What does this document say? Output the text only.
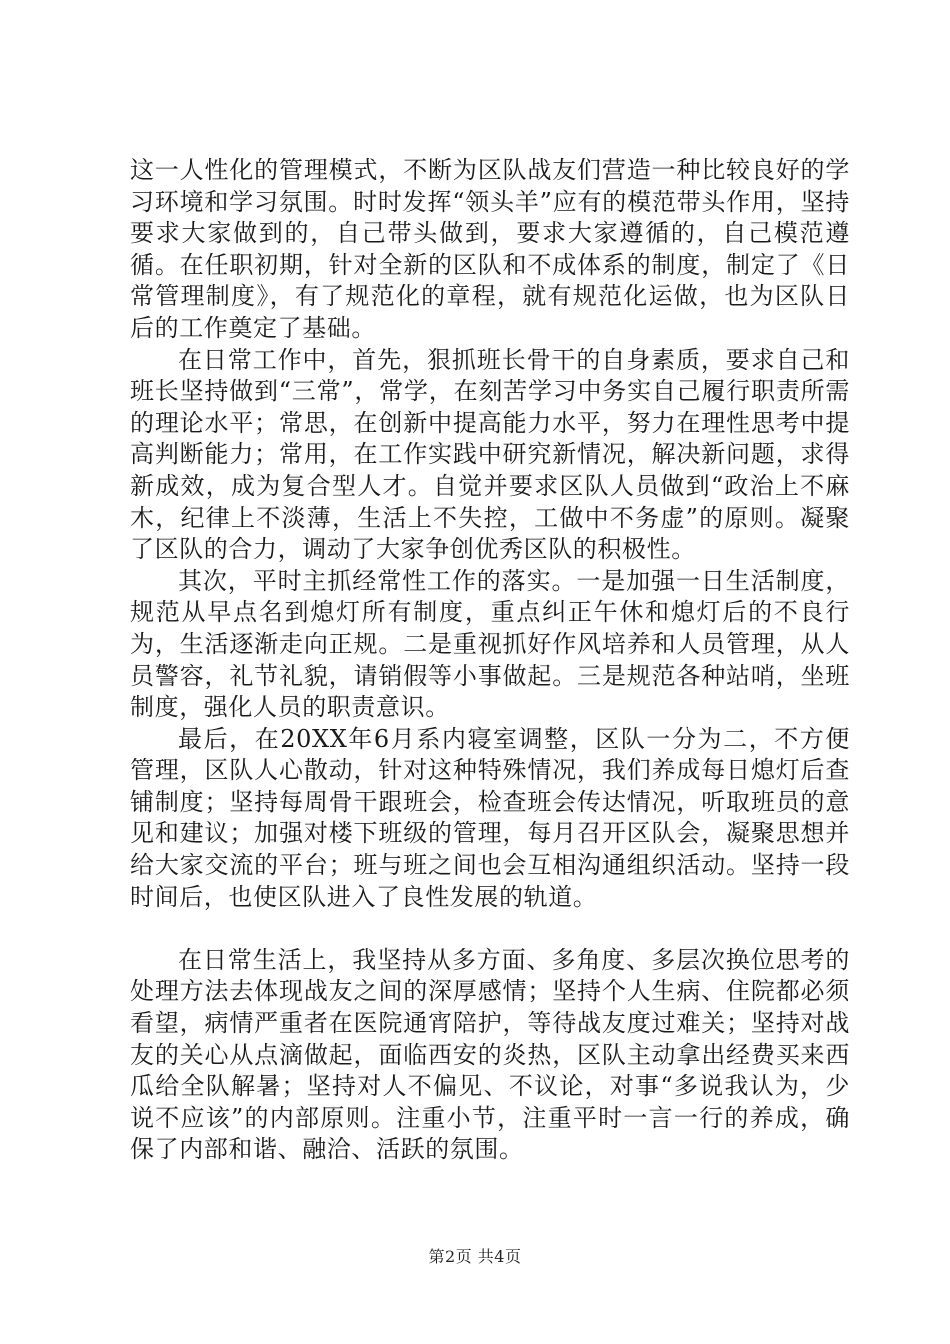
这一人性化的管理模式，不断为区队战友们营造一种比较良好的学习环境和学习氛围。时时发挥“领头羊”应有的模范带头作用，坚持要求大家做到的，自己带头做到，要求大家遵循的，自己模范遵循。在任职初期，针对全新的区队和不成体系的制度，制定了《日常管理制度》，有了规范化的章程，就有规范化运做，也为区队日后的工作奠定了基础。

在日常工作中，首先，狠抓班长骨干的自身素质，要求自己和班长坚持做到“三常”，常学，在刻苦学习中务实自己履行职责所需的理论水平；常思，在创新中提高能力水平，努力在理性思考中提高判断能力；常用，在工作实践中研究新情况，解决新问题，求得新成效，成为复合型人才。自觉并要求区队人员做到“政治上不麻木，纪律上不淡薄，生活上不失控，工做中不务虚”的原则。凝聚了区队的合力，调动了大家争创优秀区队的积极性。

其次，平时主抓经常性工作的落实。一是加强一日生活制度，规范从早点名到熄灯所有制度，重点纠正午休和熄灯后的不良行为，生活逐渐走向正规。二是重视抓好作风培养和人员管理，从人员警容，礼节礼貌，请销假等小事做起。三是规范各种站哨，坐班制度，强化人员的职责意识。

最后，在20XX年6月系内寝室调整，区队一分为二，不方便管理，区队人心散动，针对这种特殊情况，我们养成每日熄灯后查铺制度；坚持每周骨干跟班会，检查班会传达情况，听取班员的意见和建议；加强对楼下班级的管理，每月召开区队会，凝聚思想并给大家交流的平台；班与班之间也会互相沟通组织活动。坚持一段时间后，也使区队进入了良性发展的轨道。

在日常生活上，我坚持从多方面、多角度、多层次换位思考的处理方法去体现战友之间的深厚感情；坚持个人生病、住院都必须看望，病情严重者在医院通宵陪护，等待战友度过难关；坚持对战友的关心从点滴做起，面临西安的炎热，区队主动拿出经费买来西瓜给全队解暑；坚持对人不偏见、不议论，对事“多说我认为，少说不应该”的内部原则。注重小节，注重平时一言一行的养成，确保了内部和谐、融洽、活跃的氛围。

第2页 共4页
